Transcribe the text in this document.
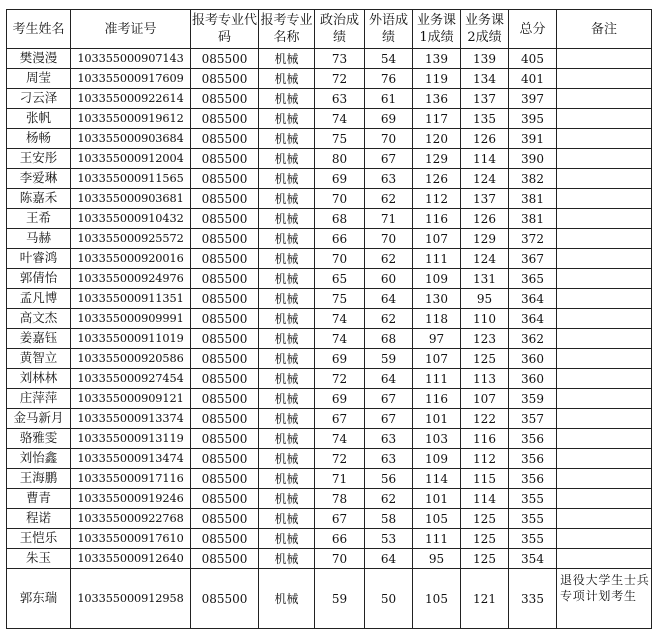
考生姓名	准考证号	报考专业代码	报考专业名称	政治成绩	外语成绩	业务课1成绩	业务课2成绩	总分	备注
樊漫漫	103355000907143	085500	机械	73	54	139	139	405	
周莹	103355000917609	085500	机械	72	76	119	134	401	
刁云泽	103355000922614	085500	机械	63	61	136	137	397	
张帆	103355000919612	085500	机械	74	69	117	135	395	
杨畅	103355000903684	085500	机械	75	70	120	126	391	
王安彤	103355000912004	085500	机械	80	67	129	114	390	
李爱琳	103355000911565	085500	机械	69	63	126	124	382	
陈嘉禾	103355000903681	085500	机械	70	62	112	137	381	
王希	103355000910432	085500	机械	68	71	116	126	381	
马赫	103355000925572	085500	机械	66	70	107	129	372	
叶睿鸿	103355000920016	085500	机械	70	62	111	124	367	
郭倩怡	103355000924976	085500	机械	65	60	109	131	365	
孟凡博	103355000911351	085500	机械	75	64	130	95	364	
高文杰	103355000909991	085500	机械	74	62	118	110	364	
姜嘉钰	103355000911019	085500	机械	74	68	97	123	362	
黄智立	103355000920586	085500	机械	69	59	107	125	360	
刘林林	103355000927454	085500	机械	72	64	111	113	360	
庄萍萍	103355000909121	085500	机械	69	67	116	107	359	
金马新月	103355000913374	085500	机械	67	67	101	122	357	
骆雅雯	103355000913119	085500	机械	74	63	103	116	356	
刘怡鑫	103355000913474	085500	机械	72	63	109	112	356	
王海鹏	103355000917116	085500	机械	71	56	114	115	356	
曹青	103355000919246	085500	机械	78	62	101	114	355	
程诺	103355000922768	085500	机械	67	58	105	125	355	
王恺乐	103355000917610	085500	机械	66	53	111	125	355	
朱玉	103355000912640	085500	机械	70	64	95	125	354	
郭东瑞	103355000912958	085500	机械	59	50	105	121	335	退役大学生士兵专项计划考生
